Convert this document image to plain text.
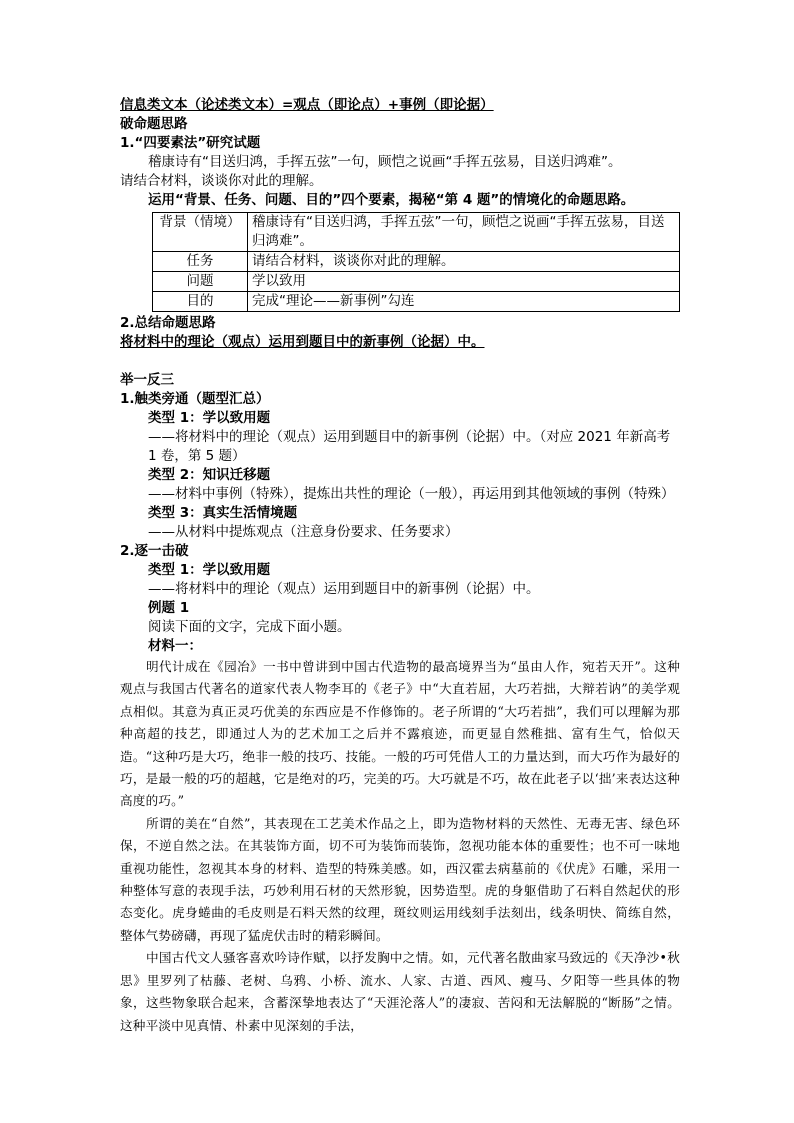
信息类文本（论述类文本）=观点（即论点）+事例（即论据）
破命题思路
1.“四要素法”研究试题
稽康诗有“目送归鸿，手挥五弦”一句，顾恺之说画“手挥五弦易，目送归鸿难”。
请结合材料，谈谈你对此的理解。
运用“背景、任务、问题、目的”四个要素，揭秘“第 4 题”的情境化的命题思路。
背景（情境）	稽康诗有“目送归鸿，手挥五弦”一句，顾恺之说画“手挥五弦易，目送归鸿难”。
任务	请结合材料，谈谈你对此的理解。
问题	学以致用
目的	完成“理论——新事例”勾连
2.总结命题思路
将材料中的理论（观点）运用到题目中的新事例（论据）中。
举一反三
1.触类旁通（题型汇总）
类型 1：学以致用题
——将材料中的理论（观点）运用到题目中的新事例（论据）中。（对应 2021 年新高考 1 卷，第 5 题）
类型 2：知识迁移题
——材料中事例（特殊），提炼出共性的理论（一般），再运用到其他领域的事例（特殊）
类型 3：真实生活情境题
——从材料中提炼观点（注意身份要求、任务要求）
2.逐一击破
类型 1：学以致用题
——将材料中的理论（观点）运用到题目中的新事例（论据）中。
例题 1
阅读下面的文字，完成下面小题。
材料一：

明代计成在《园冶》一书中曾讲到中国古代造物的最高境界当为“虽由人作，宛若天开”。这种观点与我国古代著名的道家代表人物李耳的《老子》中“大直若屈，大巧若拙，大辩若讷”的美学观点相似。其意为真正灵巧优美的东西应是不作修饰的。老子所谓的“大巧若拙”，我们可以理解为那种高超的技艺，即通过人为的艺术加工之后并不露痕迹，而更显自然稚拙、富有生气，恰似天造。“这种巧是大巧，绝非一般的技巧、技能。一般的巧可凭借人工的力量达到，而大巧作为最好的巧，是最一般的巧的超越，它是绝对的巧，完美的巧。大巧就是不巧，故在此老子以‘拙’来表达这种高度的巧。”

所谓的美在“自然”，其表现在工艺美术作品之上，即为造物材料的天然性、无毒无害、绿色环保，不逆自然之法。在其装饰方面，切不可为装饰而装饰，忽视功能本体的重要性；也不可一味地重视功能性，忽视其本身的材料、造型的特殊美感。如，西汉霍去病墓前的《伏虎》石雕，采用一种整体写意的表现手法，巧妙利用石材的天然形貌，因势造型。虎的身躯借助了石料自然起伏的形态变化。虎身蜷曲的毛皮则是石料天然的纹理，斑纹则运用线刻手法刻出，线条明快、简练自然，整体气势磅礴，再现了猛虎伏击时的精彩瞬间。

中国古代文人骚客喜欢吟诗作赋，以抒发胸中之情。如，元代著名散曲家马致远的《天净沙•秋思》里罗列了枯藤、老树、乌鸦、小桥、流水、人家、古道、西风、瘦马、夕阳等一些具体的物象，这些物象联合起来，含蓄深挚地表达了“天涯沦落人”的凄寂、苦闷和无法解脱的“断肠”之情。这种平淡中见真情、朴素中见深刻的手法，
